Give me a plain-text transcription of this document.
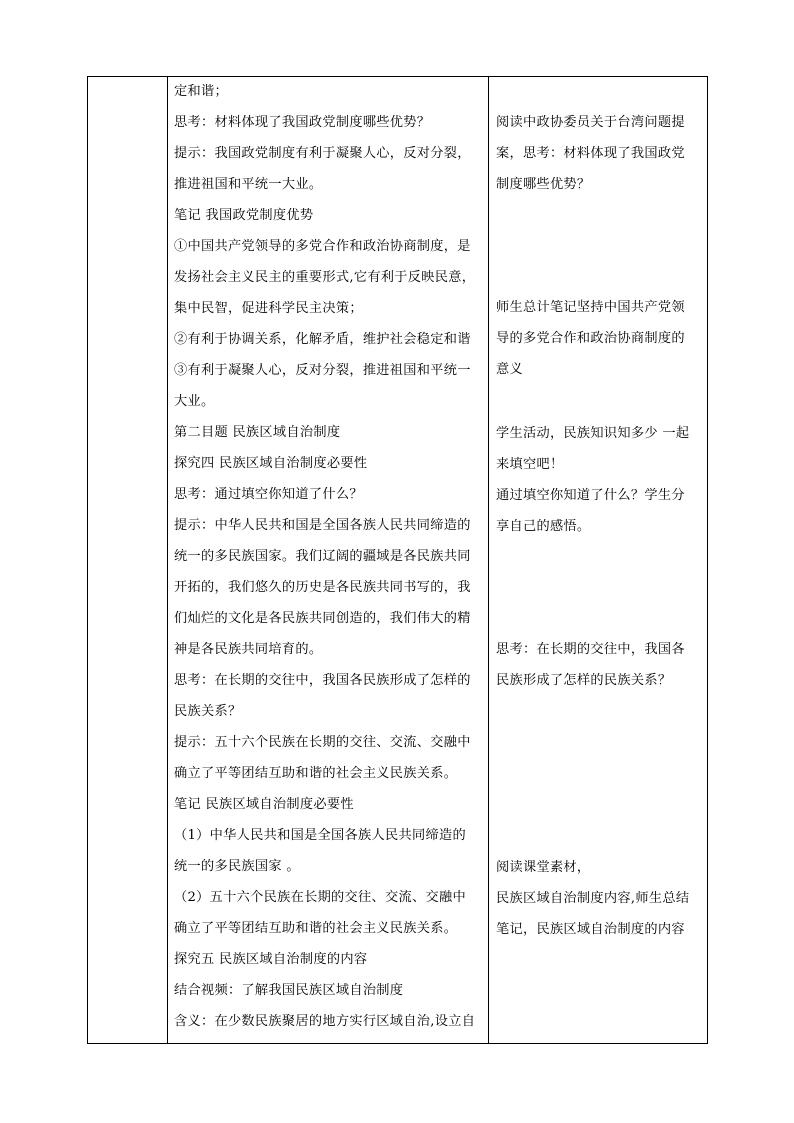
定和谐；
思考：材料体现了我国政党制度哪些优势？
提示：我国政党制度有利于凝聚人心，反对分裂，
推进祖国和平统一大业。
笔记 我国政党制度优势
①中国共产党领导的多党合作和政治协商制度，是
发扬社会主义民主的重要形式,它有利于反映民意，
集中民智，促进科学民主决策；
②有利于协调关系，化解矛盾，维护社会稳定和谐
③有利于凝聚人心，反对分裂，推进祖国和平统一
大业。
第二目题 民族区域自治制度
探究四 民族区域自治制度必要性
思考：通过填空你知道了什么？
提示：中华人民共和国是全国各族人民共同缔造的
统一的多民族国家。我们辽阔的疆域是各民族共同
开拓的，我们悠久的历史是各民族共同书写的，我
们灿烂的文化是各民族共同创造的，我们伟大的精
神是各民族共同培育的。
思考：在长期的交往中，我国各民族形成了怎样的
民族关系？
提示：五十六个民族在长期的交往、交流、交融中
确立了平等团结互助和谐的社会主义民族关系。
笔记 民族区域自治制度必要性
（1）中华人民共和国是全国各族人民共同缔造的
统一的多民族国家 。
（2）五十六个民族在长期的交往、交流、交融中
确立了平等团结互助和谐的社会主义民族关系。
探究五 民族区域自治制度的内容
结合视频：了解我国民族区域自治制度
含义：在少数民族聚居的地方实行区域自治,设立自

阅读中政协委员关于台湾问题提
案，思考：材料体现了我国政党
制度哪些优势？
师生总计笔记坚持中国共产党领
导的多党合作和政治协商制度的
意义
学生活动，民族知识知多少 一起
来填空吧！
通过填空你知道了什么？学生分
享自己的感悟。
思考：在长期的交往中，我国各
民族形成了怎样的民族关系？
阅读课堂素材，
民族区域自治制度内容,师生总结
笔记，民族区域自治制度的内容
